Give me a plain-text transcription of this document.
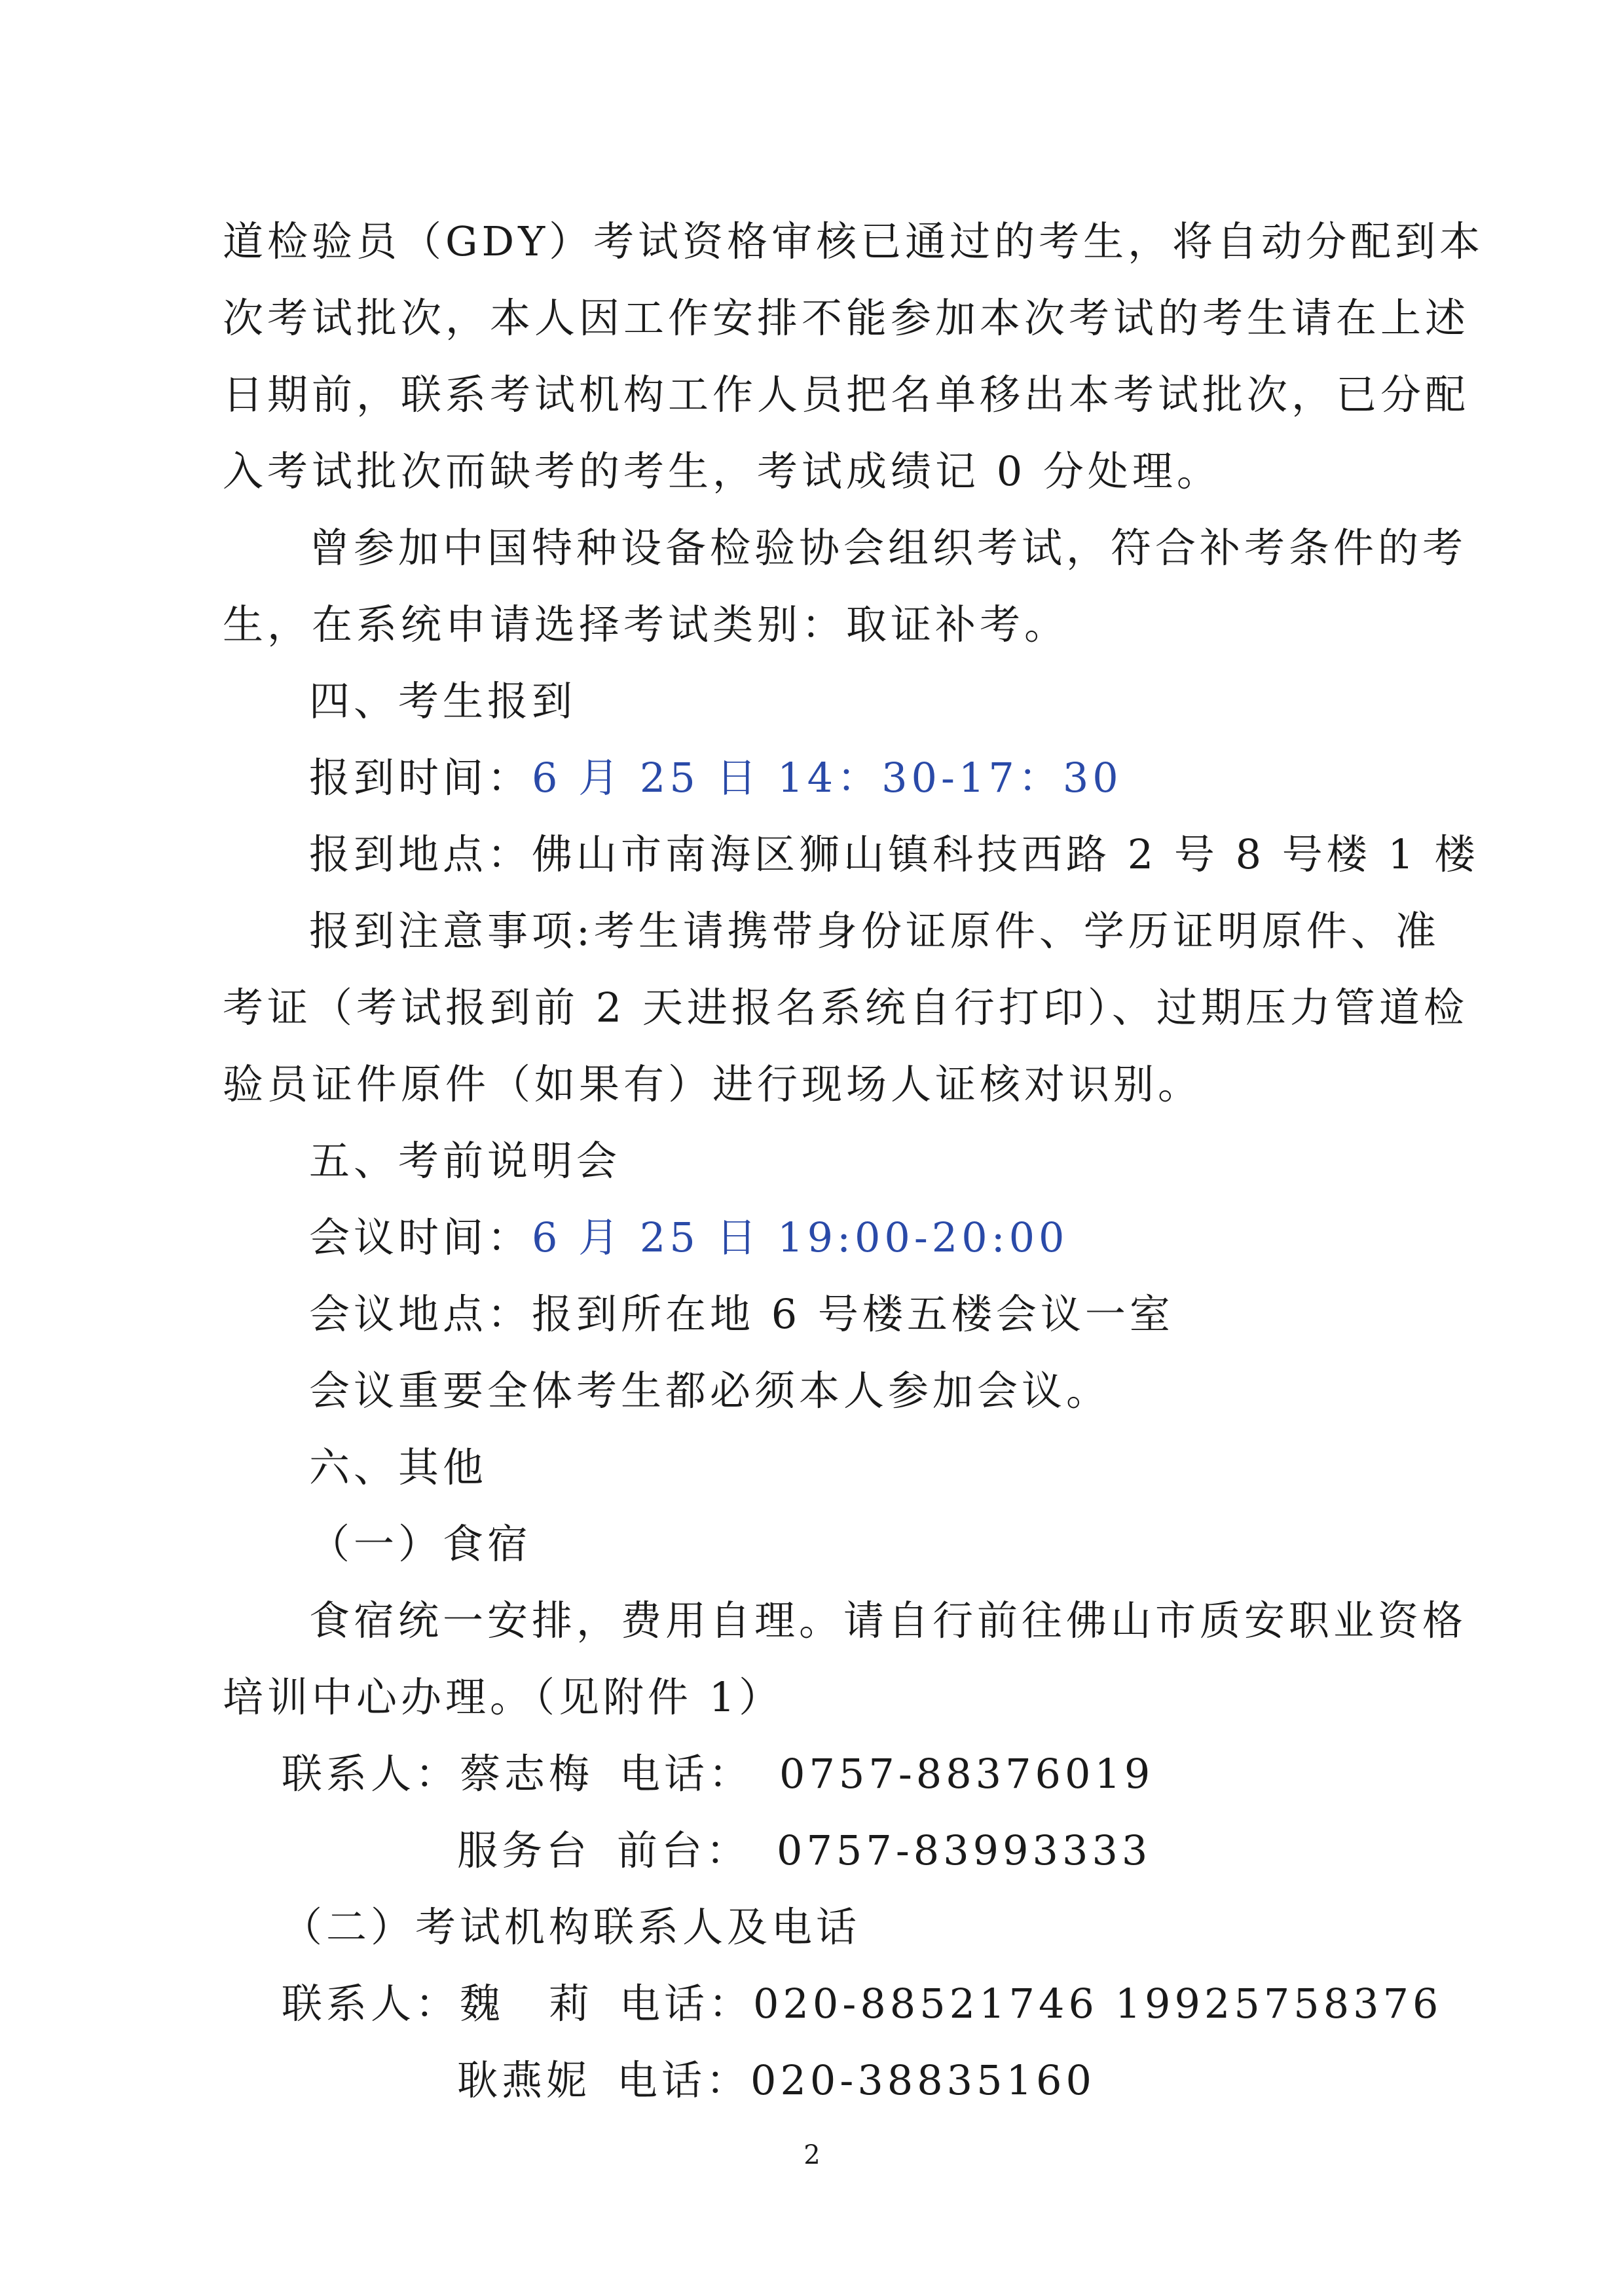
道检验员（GDY）考试资格审核已通过的考生，将自动分配到本
次考试批次，本人因工作安排不能参加本次考试的考生请在上述
日期前，联系考试机构工作人员把名单移出本考试批次，已分配
入考试批次而缺考的考生，考试成绩记 0 分处理。
曾参加中国特种设备检验协会组织考试，符合补考条件的考
生，在系统申请选择考试类别：取证补考。
四、考生报到
报到时间：6 月 25 日 14：30-17：30
报到地点：佛山市南海区狮山镇科技西路 2 号 8 号楼 1 楼
报到注意事项:考生请携带身份证原件、学历证明原件、准
考证（考试报到前 2 天进报名系统自行打印）、过期压力管道检
验员证件原件（如果有）进行现场人证核对识别。
五、考前说明会
会议时间：6 月 25 日 19:00-20:00
会议地点：报到所在地 6 号楼五楼会议一室
会议重要全体考生都必须本人参加会议。
六、其他
（一）食宿
食宿统一安排，费用自理。请自行前往佛山市质安职业资格
培训中心办理。（见附件 1）
联系人：蔡志梅 电话： 0757-88376019
服务台 前台： 0757-83993333
（二）考试机构联系人及电话
联系人：魏　莉 电话：020-88521746 19925758376
耿燕妮 电话：020-38835160
2
